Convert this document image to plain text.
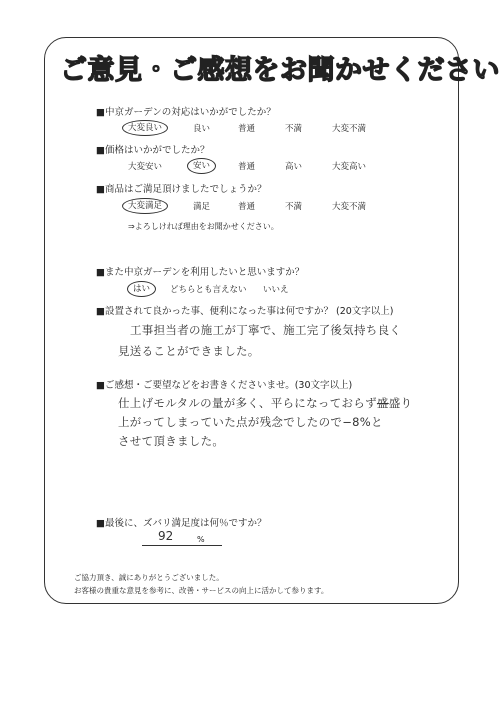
ご意見・ご感想をお聞かせください
■中京ガーデンの対応はいかがでしたか？
大変良い	良い	普通	不満	大変不満
■価格はいかがでしたか？
大変安い	安い	普通	高い	大変高い
■商品はご満足頂けましたでしょうか？
大変満足	満足	普通	不満	大変不満
⇒よろしければ理由をお聞かせください。
■また中京ガーデンを利用したいと思いますか？
はい	どちらとも言えない いいえ
■設置されて良かった事、便利になった事は何ですか？ (20文字以上)
工事担当者の施工が丁寧で、施工完了後気持ち良く
見送ることができました。
■ご感想・ご要望などをお書きくださいませ。(30文字以上)
仕上げモルタルの量が多く、平らになっておらず盛盛り
上がってしまっていた点が残念でしたので−8%と
させて頂きました。
■最後に、ズバリ満足度は何％ですか？
92	%
ご協力頂き、誠にありがとうございました。
お客様の貴重な意見を参考に、改善・サービスの向上に活かして参ります。
